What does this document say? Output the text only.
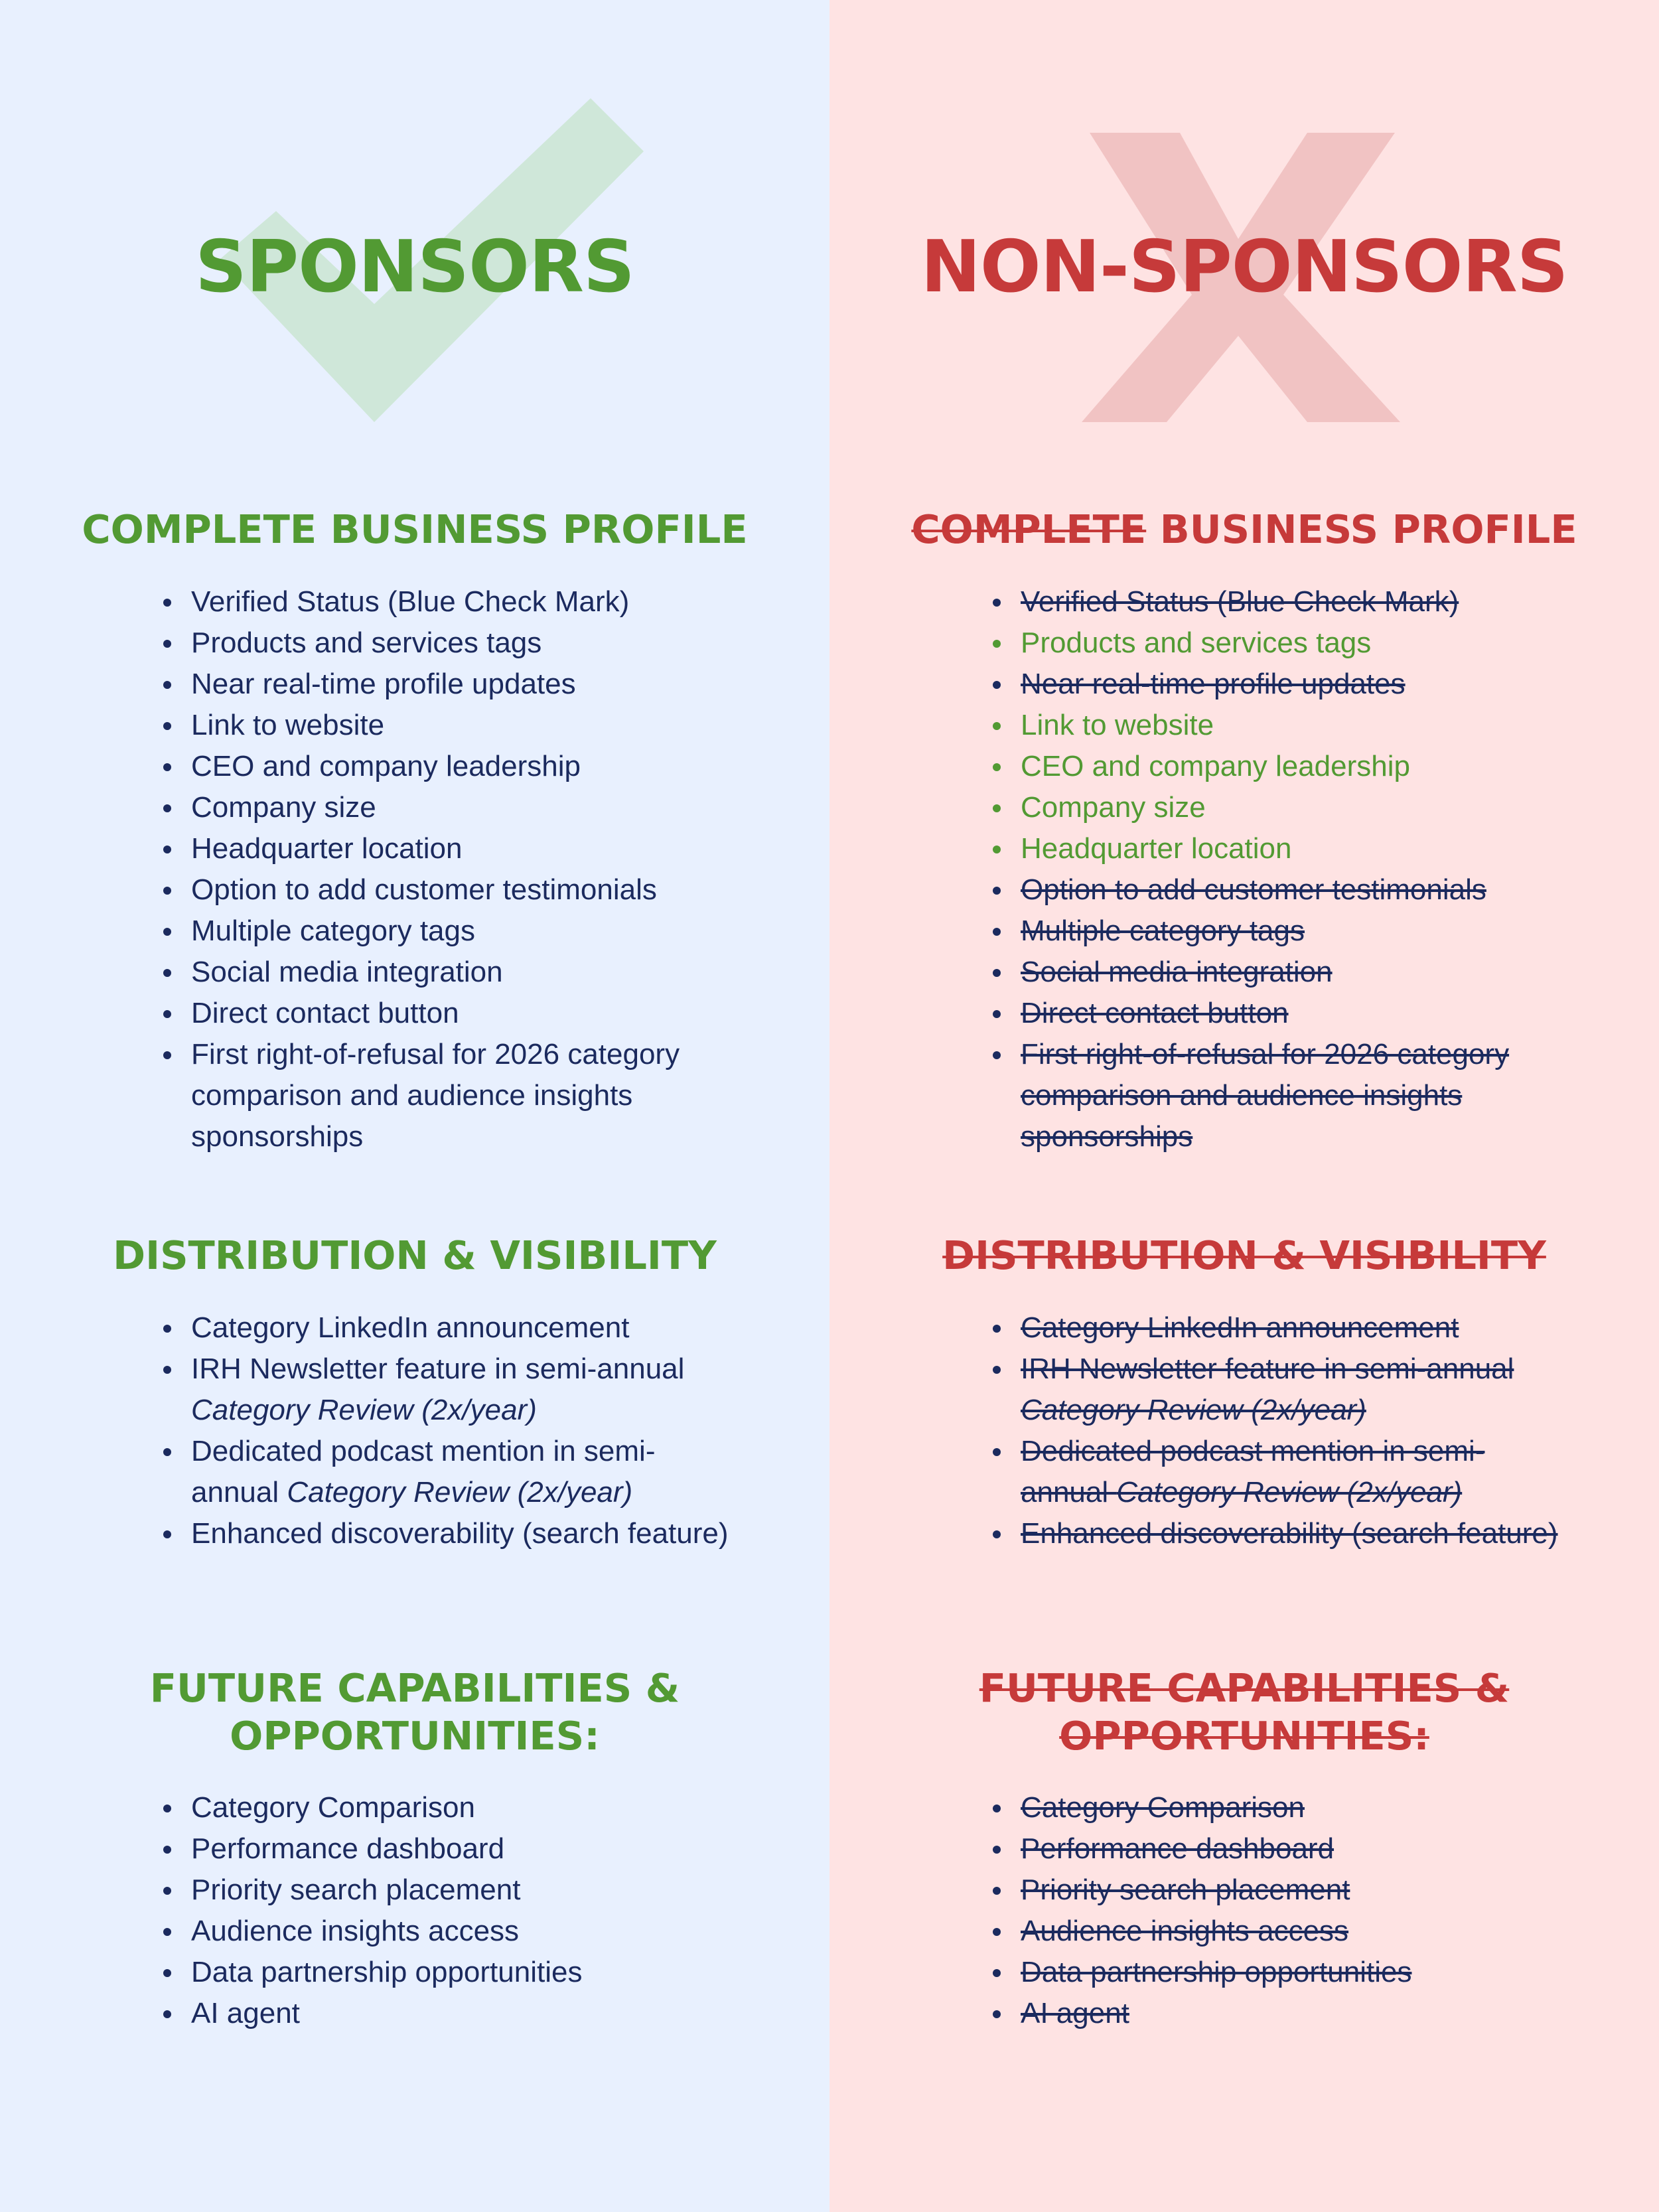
SPONSORS
COMPLETE BUSINESS PROFILE
Verified Status (Blue Check Mark)
Products and services tags
Near real-time profile updates
Link to website
CEO and company leadership
Company size
Headquarter location
Option to add customer testimonials
Multiple category tags
Social media integration
Direct contact button
First right-of-refusal for 2026 category comparison and audience insights sponsorships
DISTRIBUTION & VISIBILITY
Category LinkedIn announcement
IRH Newsletter feature in semi-annual Category Review (2x/year)
Dedicated podcast mention in semi-annual Category Review (2x/year)
Enhanced discoverability (search feature)
FUTURE CAPABILITIES &
OPPORTUNITIES:
Category Comparison
Performance dashboard
Priority search placement
Audience insights access
Data partnership opportunities
AI agent
NON-SPONSORS
COMPLETE BUSINESS PROFILE
Verified Status (Blue Check Mark)
Products and services tags
Near real-time profile updates
Link to website
CEO and company leadership
Company size
Headquarter location
Option to add customer testimonials
Multiple category tags
Social media integration
Direct contact button
First right-of-refusal for 2026 category comparison and audience insights sponsorships
DISTRIBUTION & VISIBILITY
Category LinkedIn announcement
IRH Newsletter feature in semi-annual Category Review (2x/year)
Dedicated podcast mention in semi-annual Category Review (2x/year)
Enhanced discoverability (search feature)
FUTURE CAPABILITIES &
OPPORTUNITIES:
Category Comparison
Performance dashboard
Priority search placement
Audience insights access
Data partnership opportunities
AI agent
